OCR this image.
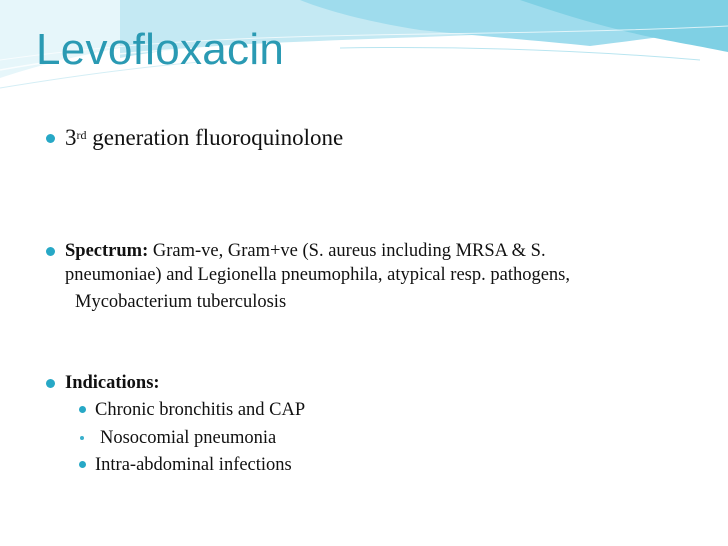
Levofloxacin
3rd generation fluoroquinolone
Spectrum: Gram-ve, Gram+ve (S. aureus including MRSA & S.
pneumoniae) and Legionella pneumophila, atypical resp. pathogens,
Mycobacterium tuberculosis
Indications:
Chronic bronchitis and CAP
Nosocomial pneumonia
Intra-abdominal infections
